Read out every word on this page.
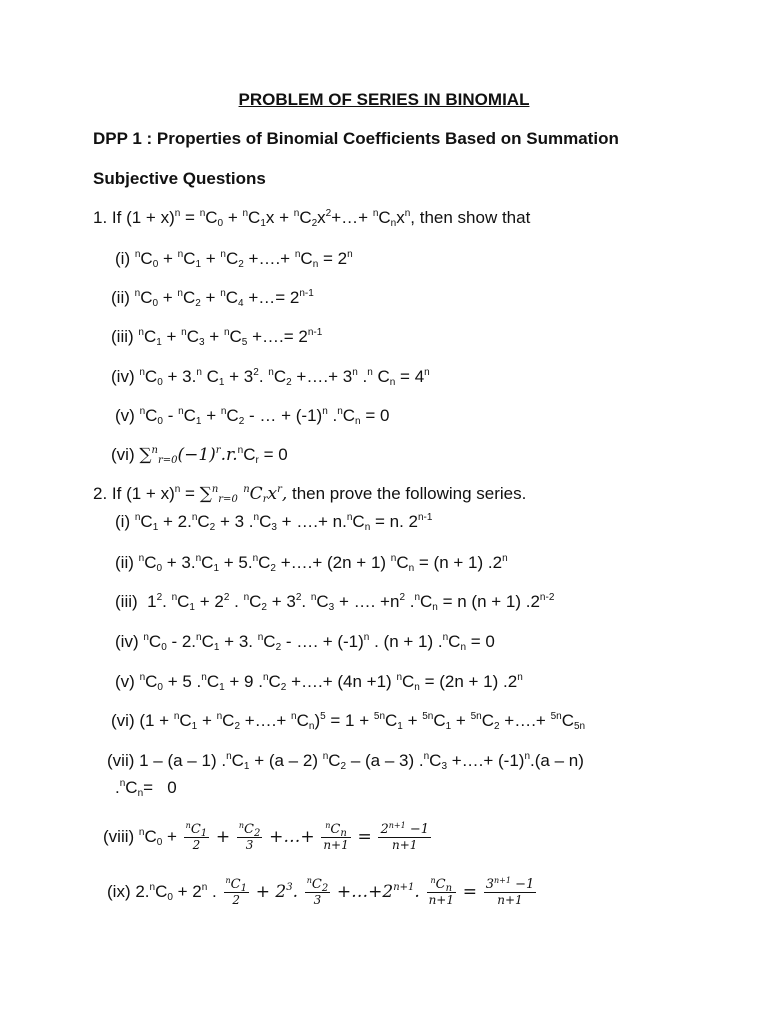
PROBLEM OF SERIES IN BINOMIAL
DPP 1 : Properties of Binomial Coefficients Based on Summation
Subjective Questions
1. If $(1 + x)^n = ^nC_0 + ^nC_1x$ + $^nC_2x^2+\dots+ ^nC_nx^n$, then show that
(i) $^nC_0 + ^nC_1 + ^nC_2$ +….+ $^nC_n = 2^n$
(ii) $^nC_0 + ^nC_2 + ^nC_4$ +…= $2^{n-1}$
(iii) $^nC_1 + ^nC_3 + ^nC_5$ +….= $2^{n-1}$
(iv) $^nC_0 + 3.^n$ $C_1 + 3^2$. $^nC_2$ +….+ $3^n$ .$^n$ $C_n = 4^n$
(v) $^nC_0 - ^nC_1 + ^nC_2$ - … + $(-1)^n$ $.^nC_n = 0$
(vi) $\sum^n_{r=0}(-1)^r.r.^nC_r = 0$
2. If $(1 + x)^n = \sum^n_{r=0}$ $^nC_rx^r$, then prove the following series.
(i) $^nC_1 + 2.^nC_2 + 3$ $.^nC_3$ + ….+ $n.^nC_n = n$. 2$^{n-1}$
(ii) $^nC_0 + 3.^nC_1 + 5.^nC_2$ +….+ (2n + 1) $^nC_n = (n + 1)$ .2$^n$
(iii)  $1^2$. $^nC_1 + 2^2$ . $^nC_2 + 3^2$. $^nC_3$ + …. $+n^2$ $.^nC_n = n$ (n + 1) .2$^{n-2}$
(iv) $^nC_0 - 2.^nC_1 + 3$. $^nC_2$ - …. + $(-1)^n$ . (n + 1) $.^nC_n = 0$
(v) $^nC_0 + 5$ $.^nC_1 + 9$ $.^nC_2$ +….+ (4n +1) $^nC_n = (2n + 1)$ .2$^n$
(vi) ($1 + ^nC_1 + ^nC_2$ +….+ $^nC_n)^5 = 1 + ^{5n}C_1 + ^{5n}C_1 + ^{5n}C_2$ +….+ $^{5n}C_{5n}$
(vii) 1 – (a – 1) $.^nC_1 + (a - 2)$ $^nC_2 - (a - 3)$ $.^nC_3$ +….+ $(-1)^n.(a - n)$
$.^nC_n= 0$
(viii) $^nC_0 + \frac{^nC_1}{2} + \frac{^nC_2}{3}$ +…+ $\frac{^nC_n}{n+1} = \frac{2^{n+1} -1}{n+1}$
(ix) $2.^nC_0 + 2^n$ . $\frac{^nC_1}{2} + 2^3$. $\frac{^nC_2}{3}$ $+\dots+2^{n+1}$. $\frac{^nC_n}{n+1} = \frac{3^{n+1} -1}{n+1}$
